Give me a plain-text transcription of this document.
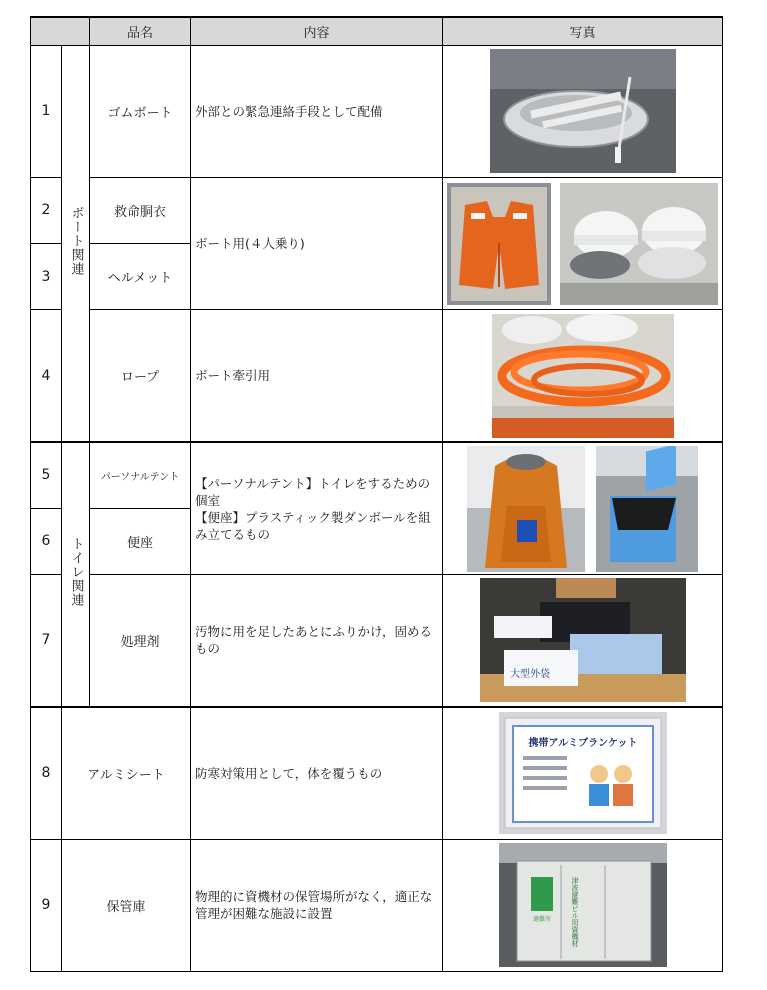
		品名	内容	写真
1	ボート関連	ゴムボート	外部との緊急連絡手段として配備	
2		救命胴衣	ボート用(４人乗り)	
3		ヘルメット		
4		ロープ	ボート牽引用	
5	トイレ関連	パーソナルテント	【パーソナルテント】トイレをするための個室
【便座】プラスティック製ダンボールを組み立てるもの	
6		便座		
7		処理剤	汚物に用を足したあとにふりかけ，固めるもの	大型外袋

8	アルミシート		防寒対策用として，体を覆うもの	携帯アルミブランケット

9	保管庫		物理的に資機材の保管場所がなく，適正な管理が困難な施設に設置	避難所 津波避難ビル用資機材
